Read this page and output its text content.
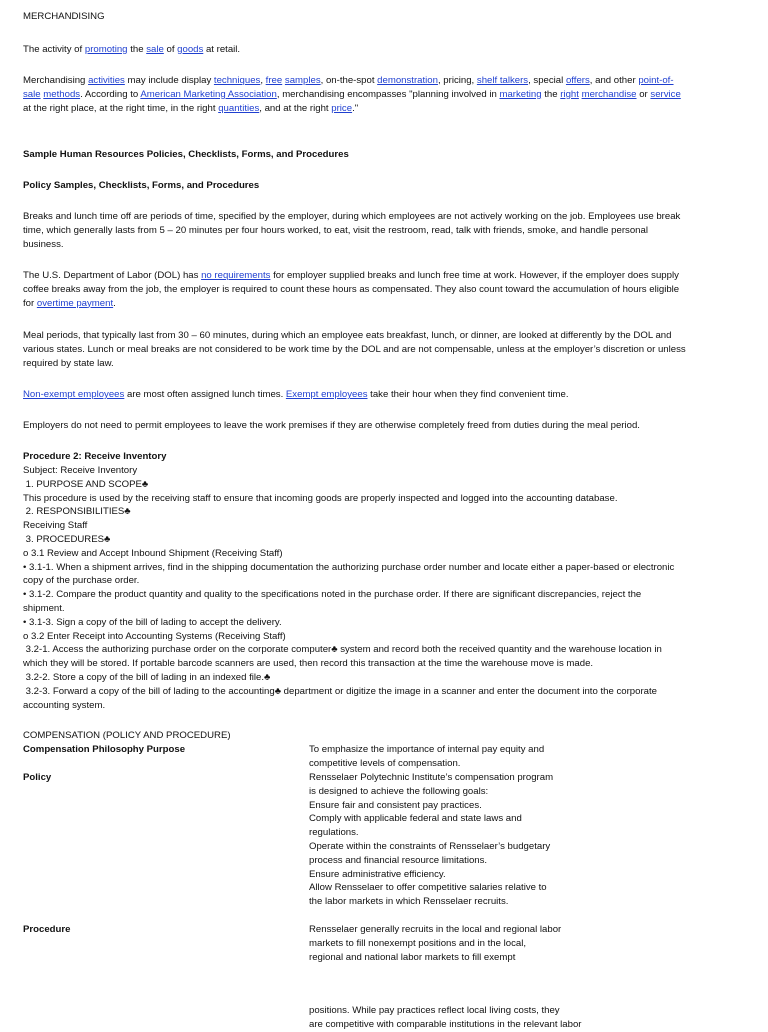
MERCHANDISING

The activity of promoting the sale of goods at retail.

Merchandising activities may include display techniques, free samples, on-the-spot demonstration, pricing, shelf talkers, special offers, and other point-of-
sale methods. According to American Marketing Association, merchandising encompasses "planning involved in marketing the right merchandise or service
at the right place, at the right time, in the right quantities, and at the right price."

Sample Human Resources Policies, Checklists, Forms, and Procedures

Policy Samples, Checklists, Forms, and Procedures

Breaks and lunch time off are periods of time, specified by the employer, during which employees are not actively working on the job. Employees use break
time, which generally lasts from 5 – 20 minutes per four hours worked, to eat, visit the restroom, read, talk with friends, smoke, and handle personal
business.

The U.S. Department of Labor (DOL) has no requirements for employer supplied breaks and lunch free time at work. However, if the employer does supply
coffee breaks away from the job, the employer is required to count these hours as compensated. They also count toward the accumulation of hours eligible
for overtime payment.

Meal periods, that typically last from 30 – 60 minutes, during which an employee eats breakfast, lunch, or dinner, are looked at differently by the DOL and
various states. Lunch or meal breaks are not considered to be work time by the DOL and are not compensable, unless at the employer’s discretion or unless
required by state law.

Non-exempt employees are most often assigned lunch times. Exempt employees take their hour when they find convenient time.

Employers do not need to permit employees to leave the work premises if they are otherwise completely freed from duties during the meal period.

Procedure 2: Receive Inventory

Subject: Receive Inventory
1. PURPOSE AND SCOPE♣
This procedure is used by the receiving staff to ensure that incoming goods are properly inspected and logged into the accounting database.
2. RESPONSIBILITIES♣
Receiving Staff
3. PROCEDURES♣
o 3.1 Review and Accept Inbound Shipment (Receiving Staff)
• 3.1-1. When a shipment arrives, find in the shipping documentation the authorizing purchase order number and locate either a paper-based or electronic
copy of the purchase order.
• 3.1-2. Compare the product quantity and quality to the specifications noted in the purchase order. If there are significant discrepancies, reject the
shipment.
• 3.1-3. Sign a copy of the bill of lading to accept the delivery.
o 3.2 Enter Receipt into Accounting Systems (Receiving Staff)
3.2-1. Access the authorizing purchase order on the corporate computer♣ system and record both the received quantity and the warehouse location in
which they will be stored. If portable barcode scanners are used, then record this transaction at the time the warehouse move is made.
3.2-2. Store a copy of the bill of lading in an indexed file.♣
3.2-3. Forward a copy of the bill of lading to the accounting♣ department or digitize the image in a scanner and enter the document into the corporate
accounting system.

COMPENSATION (POLICY AND PROCEDURE)

Compensation Philosophy Purpose	To emphasize the importance of internal pay equity and
competitive levels of compensation.
Policy	Rensselaer Polytechnic Institute’s compensation program
is designed to achieve the following goals:
Ensure fair and consistent pay practices.
Comply with applicable federal and state laws and
regulations.
Operate within the constraints of Rensselaer’s budgetary
process and financial resource limitations.
Ensure administrative efficiency.
Allow Rensselaer to offer competitive salaries relative to
the labor markets in which Rensselaer recruits.
Procedure	Rensselaer generally recruits in the local and regional labor
markets to fill nonexempt positions and in the local,
regional and national labor markets to fill exempt
positions. While pay practices reflect local living costs, they
are competitive with comparable institutions in the relevant labor
